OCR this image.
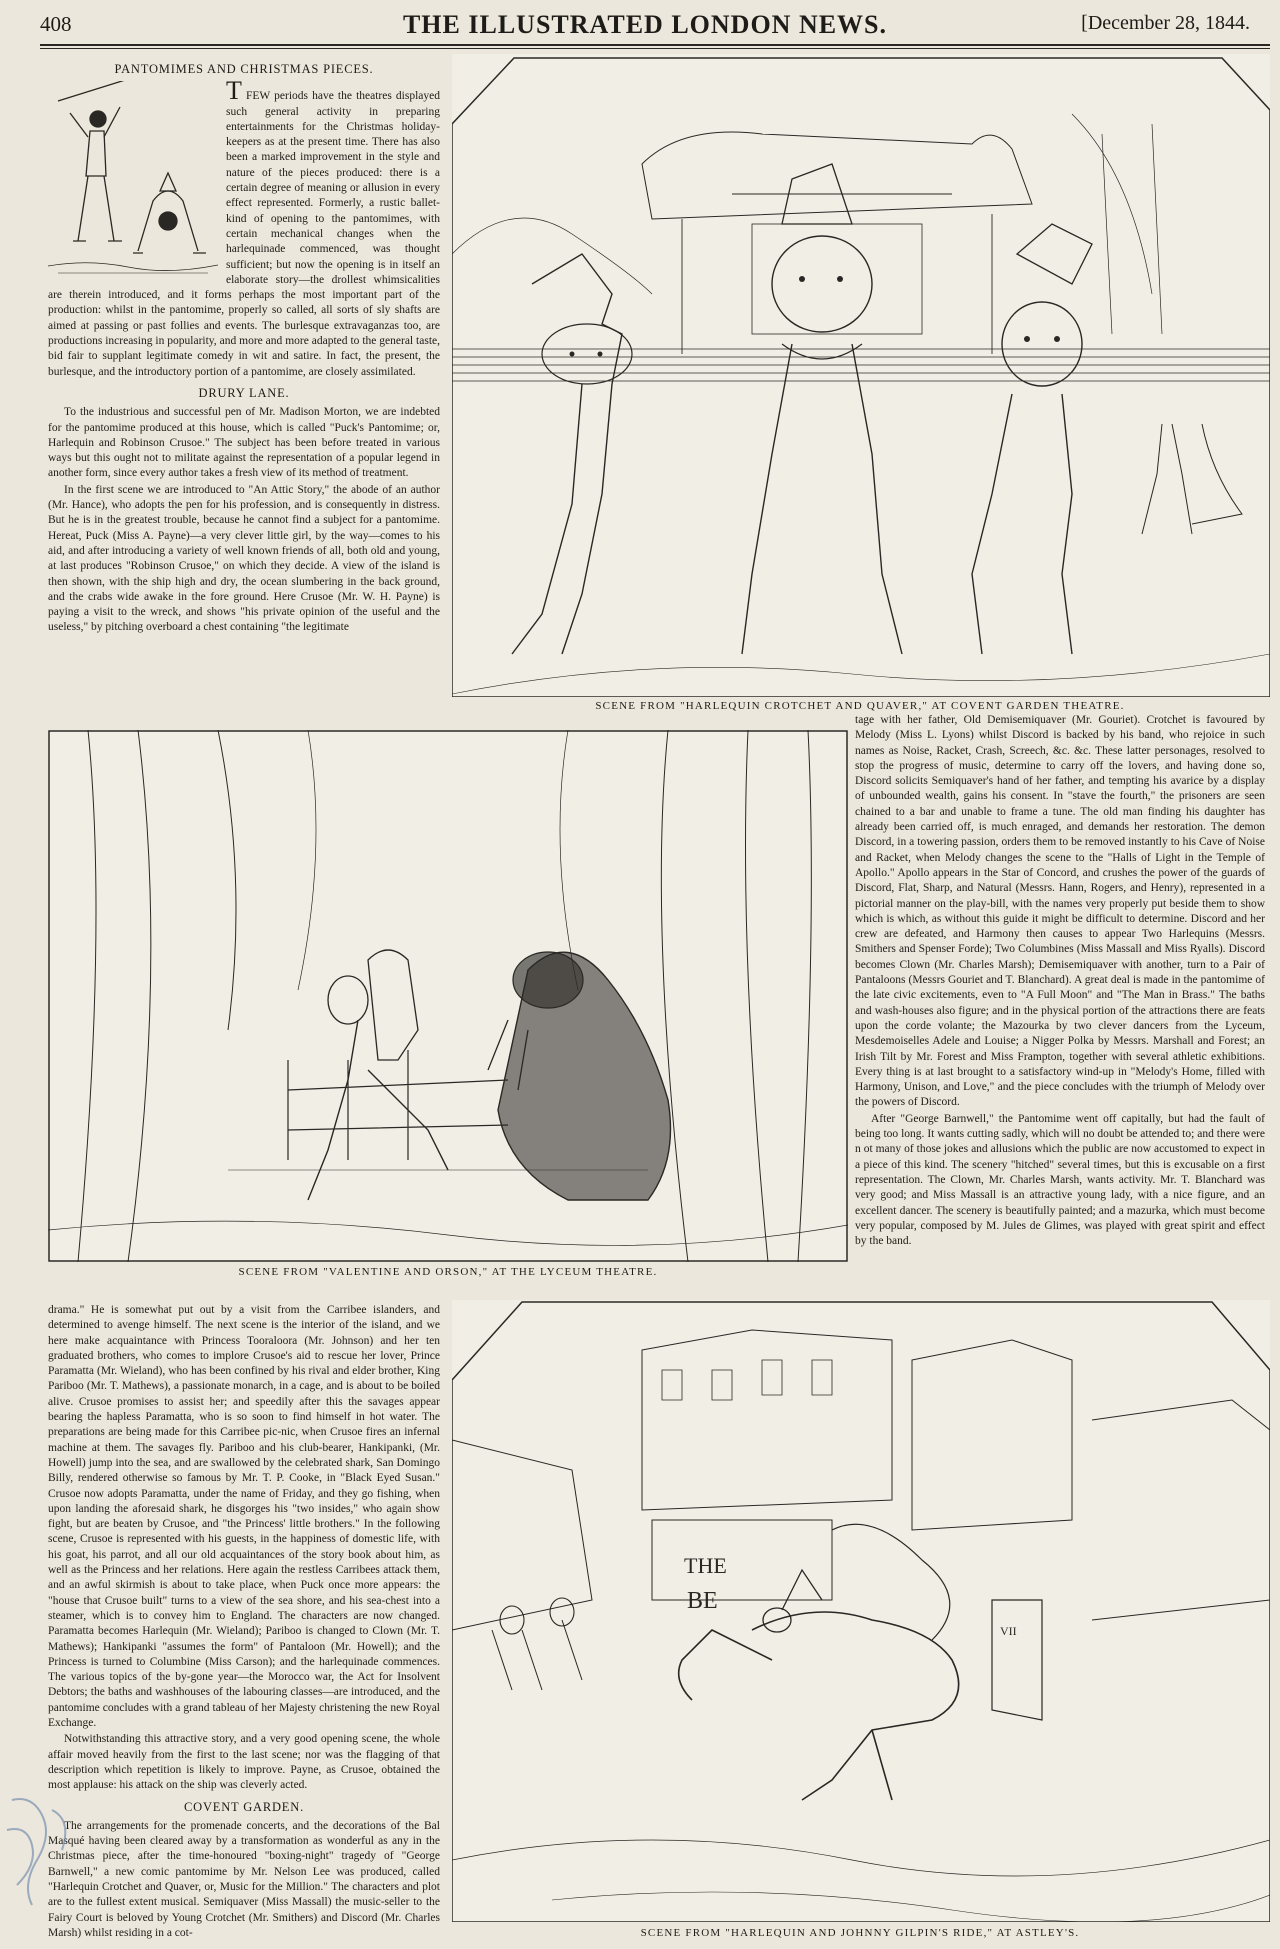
408	THE ILLUSTRATED LONDON NEWS.	[December 28, 1844.
PANTOMIMES AND CHRISTMAS PIECES.

T FEW periods have the theatres displayed such general activity in preparing entertainments for the Christmas holiday-keepers as at the present time. There has also been a marked improvement in the style and nature of the pieces produced: there is a certain degree of meaning or allusion in every effect represented. Formerly, a rustic ballet-kind of opening to the pantomimes, with certain mechanical changes when the harlequinade commenced, was thought sufficient; but now the opening is in itself an elaborate story—the drollest whimsicalities are therein introduced, and it forms perhaps the most important part of the production: whilst in the pantomime, properly so called, all sorts of sly shafts are aimed at passing or past follies and events. The burlesque extravaganzas too, are productions increasing in popularity, and more and more adapted to the general taste, bid fair to supplant legitimate comedy in wit and satire. In fact, the present, the burlesque, and the introductory portion of a pantomime, are closely assimilated.

DRURY LANE.

To the industrious and successful pen of Mr. Madison Morton, we are indebted for the pantomime produced at this house, which is called "Puck's Pantomime; or, Harlequin and Robinson Crusoe." The subject has been before treated in various ways but this ought not to militate against the representation of a popular legend in another form, since every author takes a fresh view of its method of treatment.

In the first scene we are introduced to "An Attic Story," the abode of an author (Mr. Hance), who adopts the pen for his profession, and is consequently in distress. But he is in the greatest trouble, because he cannot find a subject for a pantomime. Hereat, Puck (Miss A. Payne)—a very clever little girl, by the way—comes to his aid, and after introducing a variety of well known friends of all, both old and young, at last produces "Robinson Crusoe," on which they decide. A view of the island is then shown, with the ship high and dry, the ocean slumbering in the back ground, and the crabs wide awake in the fore ground. Here Crusoe (Mr. W. H. Payne) is paying a visit to the wreck, and shows "his private opinion of the useful and the useless," by pitching overboard a chest containing "the legitimate

SCENE FROM "HARLEQUIN CROTCHET AND QUAVER," AT COVENT GARDEN THEATRE.
SCENE FROM "VALENTINE AND ORSON," AT THE LYCEUM THEATRE.

tage with her father, Old Demisemiquaver (Mr. Gouriet). Crotchet is favoured by Melody (Miss L. Lyons) whilst Discord is backed by his band, who rejoice in such names as Noise, Racket, Crash, Screech, &c. &c. These latter personages, resolved to stop the progress of music, determine to carry off the lovers, and having done so, Discord solicits Semiquaver's hand of her father, and tempting his avarice by a display of unbounded wealth, gains his consent. In "stave the fourth," the prisoners are seen chained to a bar and unable to frame a tune. The old man finding his daughter has already been carried off, is much enraged, and demands her restoration. The demon Discord, in a towering passion, orders them to be removed instantly to his Cave of Noise and Racket, when Melody changes the scene to the "Halls of Light in the Temple of Apollo." Apollo appears in the Star of Concord, and crushes the power of the guards of Discord, Flat, Sharp, and Natural (Messrs. Hann, Rogers, and Henry), represented in a pictorial manner on the play-bill, with the names very properly put beside them to show which is which, as without this guide it might be difficult to determine. Discord and her crew are defeated, and Harmony then causes to appear Two Harlequins (Messrs. Smithers and Spenser Forde); Two Columbines (Miss Massall and Miss Ryalls). Discord becomes Clown (Mr. Charles Marsh); Demisemiquaver with another, turn to a Pair of Pantaloons (Messrs Gouriet and T. Blanchard). A great deal is made in the pantomime of the late civic excitements, even to "A Full Moon" and "The Man in Brass." The baths and wash-houses also figure; and in the physical portion of the attractions there are feats upon the corde volante; the Mazourka by two clever dancers from the Lyceum, Mesdemoiselles Adele and Louise; a Nigger Polka by Messrs. Marshall and Forest; an Irish Tilt by Mr. Forest and Miss Frampton, together with several athletic exhibitions. Every thing is at last brought to a satisfactory wind-up in "Melody's Home, filled with Harmony, Unison, and Love," and the piece concludes with the triumph of Melody over the powers of Discord.

After "George Barnwell," the Pantomime went off capitally, but had the fault of being too long. It wants cutting sadly, which will no doubt be attended to; and there were n ot many of those jokes and allusions which the public are now accustomed to expect in a piece of this kind. The scenery "hitched" several times, but this is excusable on a first representation. The Clown, Mr. Charles Marsh, wants activity. Mr. T. Blanchard was very good; and Miss Massall is an attractive young lady, with a nice figure, and an excellent dancer. The scenery is beautifully painted; and a mazurka, which must become very popular, composed by M. Jules de Glimes, was played with great spirit and effect by the band.

drama." He is somewhat put out by a visit from the Carribee islanders, and determined to avenge himself. The next scene is the interior of the island, and we here make acquaintance with Princess Tooraloora (Mr. Johnson) and her ten graduated brothers, who comes to implore Crusoe's aid to rescue her lover, Prince Paramatta (Mr. Wieland), who has been confined by his rival and elder brother, King Pariboo (Mr. T. Mathews), a passionate monarch, in a cage, and is about to be boiled alive. Crusoe promises to assist her; and speedily after this the savages appear bearing the hapless Paramatta, who is so soon to find himself in hot water. The preparations are being made for this Carribee pic-nic, when Crusoe fires an infernal machine at them. The savages fly. Pariboo and his club-bearer, Hankipanki, (Mr. Howell) jump into the sea, and are swallowed by the celebrated shark, San Domingo Billy, rendered otherwise so famous by Mr. T. P. Cooke, in "Black Eyed Susan." Crusoe now adopts Paramatta, under the name of Friday, and they go fishing, when upon landing the aforesaid shark, he disgorges his "two insides," who again show fight, but are beaten by Crusoe, and "the Princess' little brothers." In the following scene, Crusoe is represented with his guests, in the happiness of domestic life, with his goat, his parrot, and all our old acquaintances of the story book about him, as well as the Princess and her relations. Here again the restless Carribees attack them, and an awful skirmish is about to take place, when Puck once more appears: the "house that Crusoe built" turns to a view of the sea shore, and his sea-chest into a steamer, which is to convey him to England. The characters are now changed. Paramatta becomes Harlequin (Mr. Wieland); Pariboo is changed to Clown (Mr. T. Mathews); Hankipanki "assumes the form" of Pantaloon (Mr. Howell); and the Princess is turned to Columbine (Miss Carson); and the harlequinade commences. The various topics of the by-gone year—the Morocco war, the Act for Insolvent Debtors; the baths and washhouses of the labouring classes—are introduced, and the pantomime concludes with a grand tableau of her Majesty christening the new Royal Exchange.

Notwithstanding this attractive story, and a very good opening scene, the whole affair moved heavily from the first to the last scene; nor was the flagging of that description which repetition is likely to improve. Payne, as Crusoe, obtained the most applause: his attack on the ship was cleverly acted.

COVENT GARDEN.

The arrangements for the promenade concerts, and the decorations of the Bal Masqué having been cleared away by a transformation as wonderful as any in the Christmas piece, after the time-honoured "boxing-night" tragedy of "George Barnwell," a new comic pantomime by Mr. Nelson Lee was produced, called "Harlequin Crotchet and Quaver, or, Music for the Million." The characters and plot are to the fullest extent musical. Semiquaver (Miss Massall) the music-seller to the Fairy Court is beloved by Young Crotchet (Mr. Smithers) and Discord (Mr. Charles Marsh) whilst residing in a cot-

THE
BE
VII
SCENE FROM "HARLEQUIN AND JOHNNY GILPIN'S RIDE," AT ASTLEY'S.
